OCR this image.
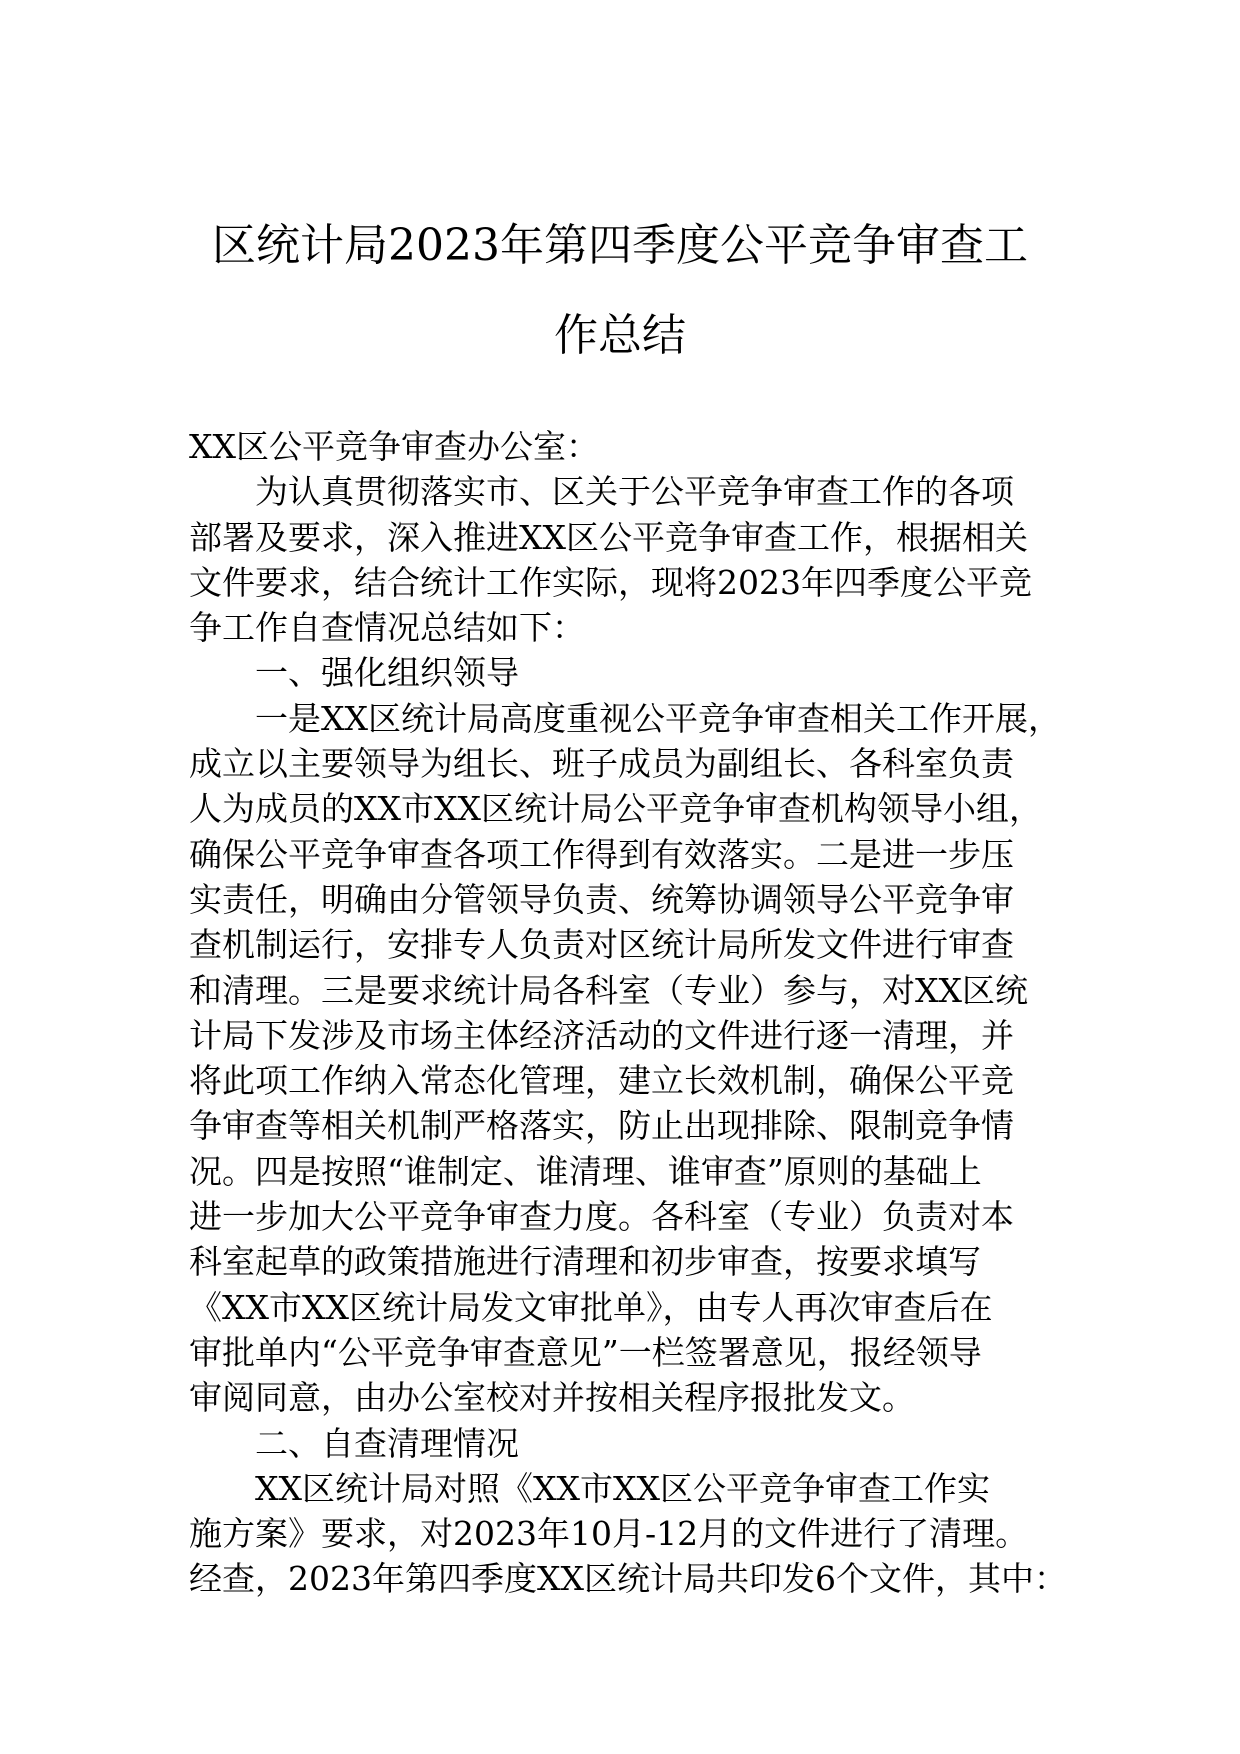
区统计局2023年第四季度公平竞争审查工
作总结
XX区公平竞争审查办公室：
为认真贯彻落实市、区关于公平竞争审查工作的各项
部署及要求，深入推进XX区公平竞争审查工作，根据相关
文件要求，结合统计工作实际，现将2023年四季度公平竞
争工作自查情况总结如下：
一、强化组织领导
一是XX区统计局高度重视公平竞争审查相关工作开展，
成立以主要领导为组长、班子成员为副组长、各科室负责
人为成员的XX市XX区统计局公平竞争审查机构领导小组，
确保公平竞争审查各项工作得到有效落实。二是进一步压
实责任，明确由分管领导负责、统筹协调领导公平竞争审
查机制运行，安排专人负责对区统计局所发文件进行审查
和清理。三是要求统计局各科室（专业）参与，对XX区统
计局下发涉及市场主体经济活动的文件进行逐一清理，并
将此项工作纳入常态化管理，建立长效机制，确保公平竞
争审查等相关机制严格落实，防止出现排除、限制竞争情
况。四是按照“谁制定、谁清理、谁审查”原则的基础上
进一步加大公平竞争审查力度。各科室（专业）负责对本
科室起草的政策措施进行清理和初步审查，按要求填写
《XX市XX区统计局发文审批单》，由专人再次审查后在
审批单内“公平竞争审查意见”一栏签署意见，报经领导
审阅同意，由办公室校对并按相关程序报批发文。
二、自查清理情况
XX区统计局对照《XX市XX区公平竞争审查工作实
施方案》要求，对2023年10月-12月的文件进行了清理。
经查，2023年第四季度XX区统计局共印发6个文件，其中：
